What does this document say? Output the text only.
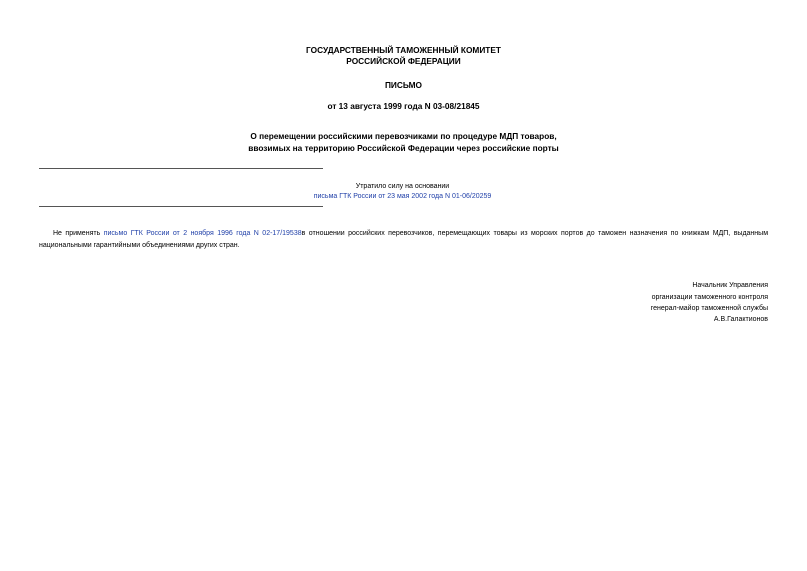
ГОСУДАРСТВЕННЫЙ ТАМОЖЕННЫЙ КОМИТЕТ
РОССИЙСКОЙ ФЕДЕРАЦИИ
ПИСЬМО
от 13 августа 1999 года N 03-08/21845
О перемещении российскими перевозчиками по процедуре МДП товаров,
ввозимых на территорию Российской Федерации через российские порты
Утратило силу на основании
письма ГТК России от 23 мая 2002 года N 01-06/20259
Не применять письмо ГТК России от 2 ноября 1996 года N 02-17/19538в отношении российских перевозчиков, перемещающих товары из морских портов до таможен назначения по книжкам МДП, выданным национальными гарантийными объединениями других стран.
Начальник Управления
организации таможенного контроля
генерал-майор таможенной службы
А.В.Галактионов
